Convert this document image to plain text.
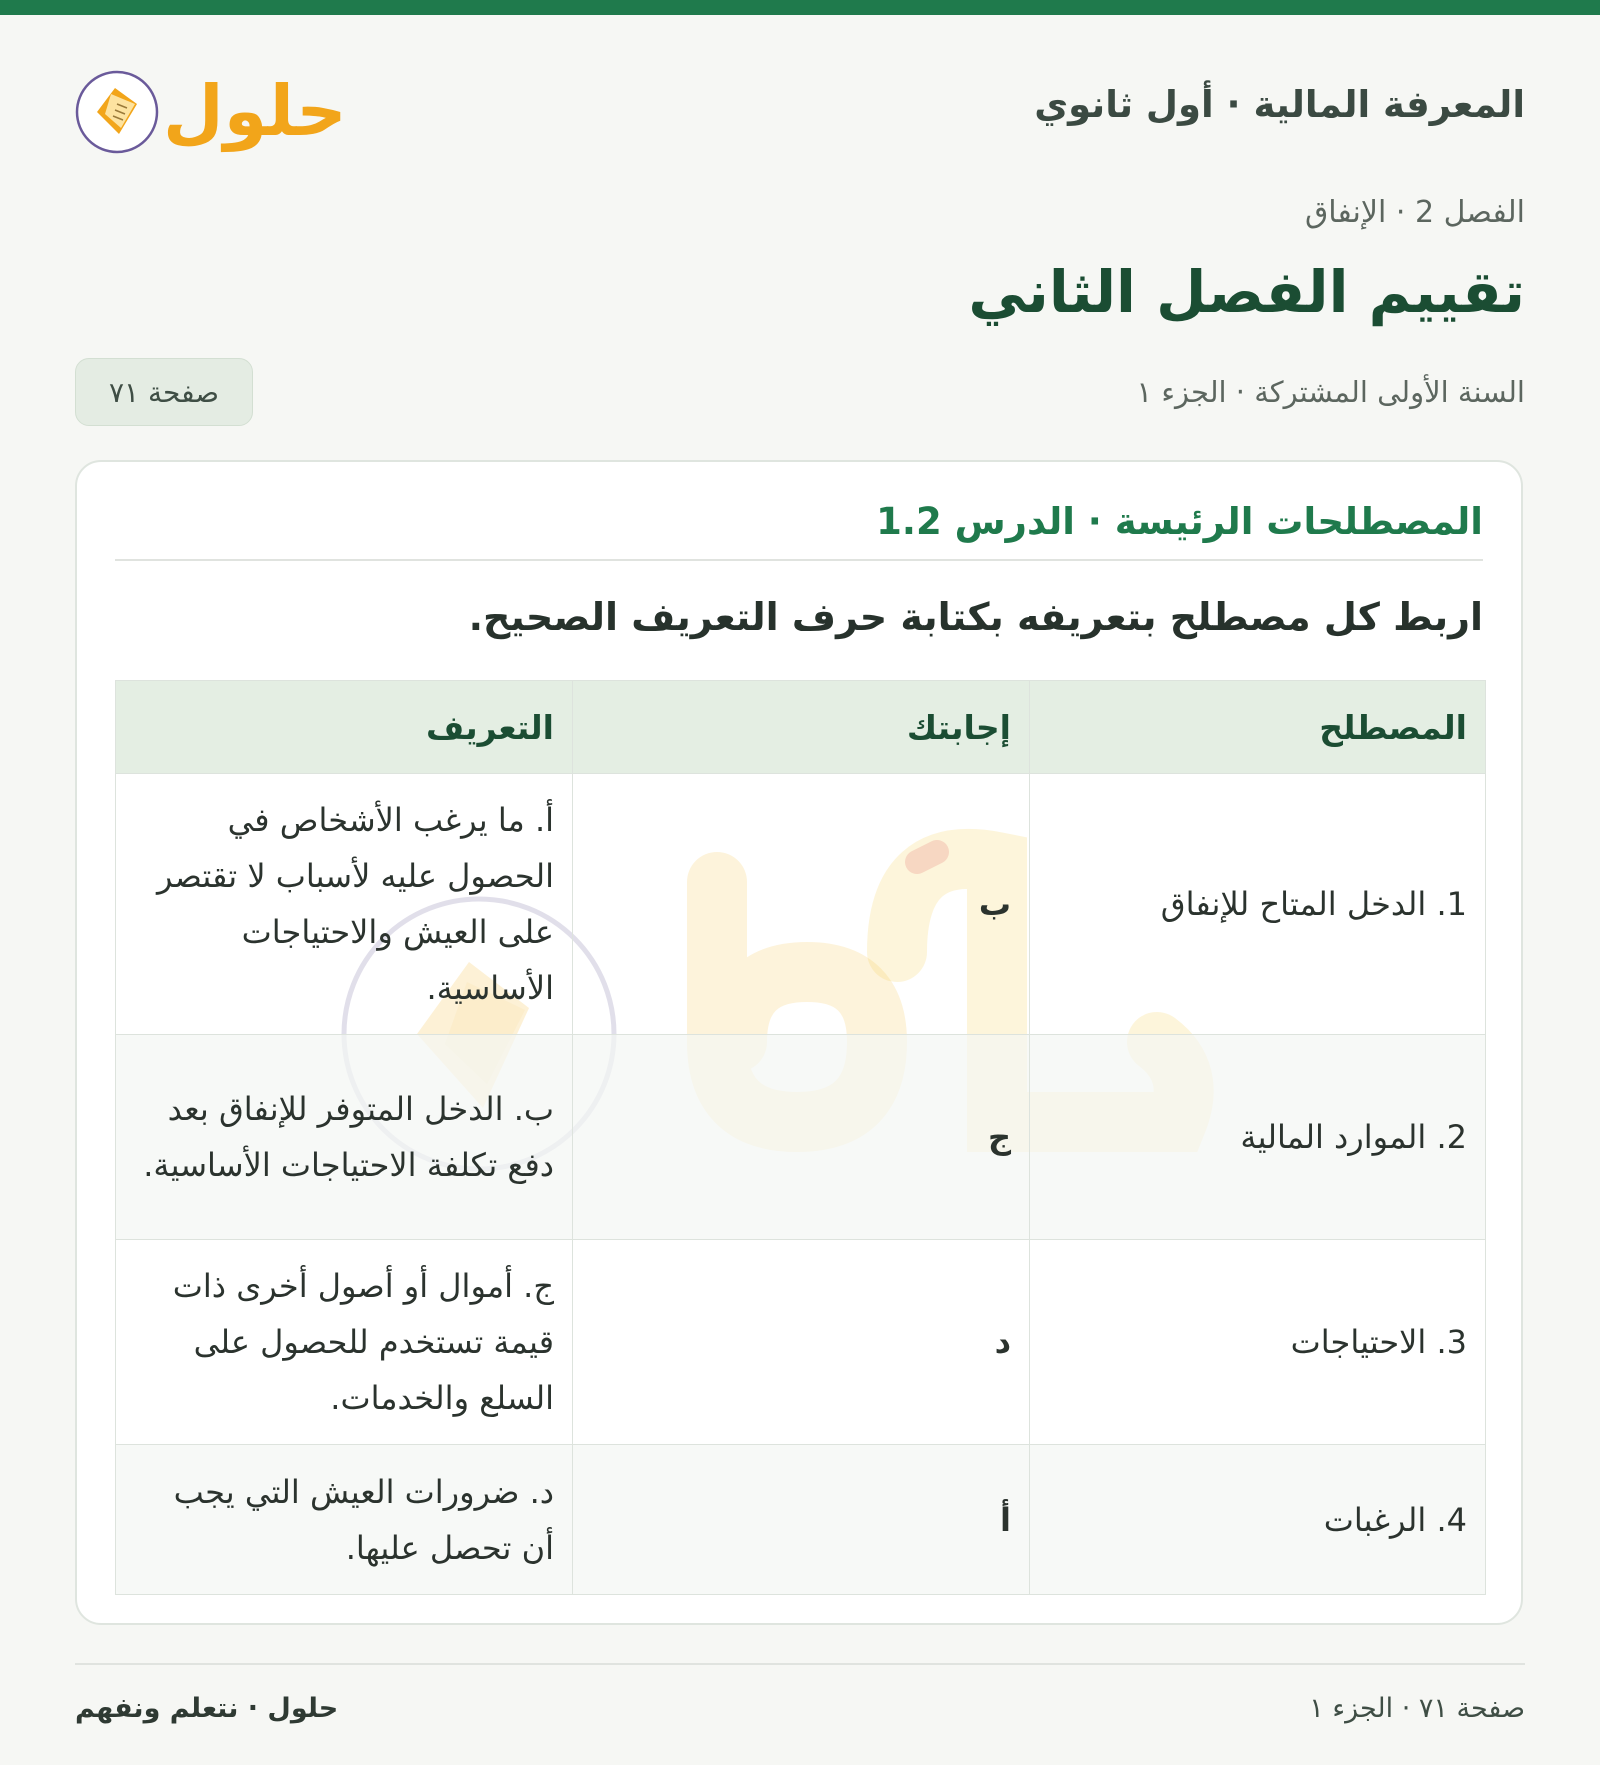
حلول	المعرفة المالية · أول ثانوي
الفصل 2 · الإنفاق
تقييم الفصل الثاني
السنة الأولى المشتركة · الجزء ١
صفحة ٧١
المصطلحات الرئيسة · الدرس 1.2
اربط كل مصطلح بتعريفه بكتابة حرف التعريف الصحيح.
المصطلح	إجابتك	التعريف
1. الدخل المتاح للإنفاق	ب	أ. ما يرغب الأشخاص في الحصول عليه لأسباب لا تقتصر على العيش والاحتياجات الأساسية.
2. الموارد المالية	ج	ب. الدخل المتوفر للإنفاق بعد دفع تكلفة الاحتياجات الأساسية.
3. الاحتياجات	د	ج. أموال أو أصول أخرى ذات قيمة تستخدم للحصول على السلع والخدمات.
4. الرغبات	أ	د. ضرورات العيش التي يجب أن تحصل عليها.
حلول · نتعلم ونفهم	صفحة ٧١ · الجزء ١
